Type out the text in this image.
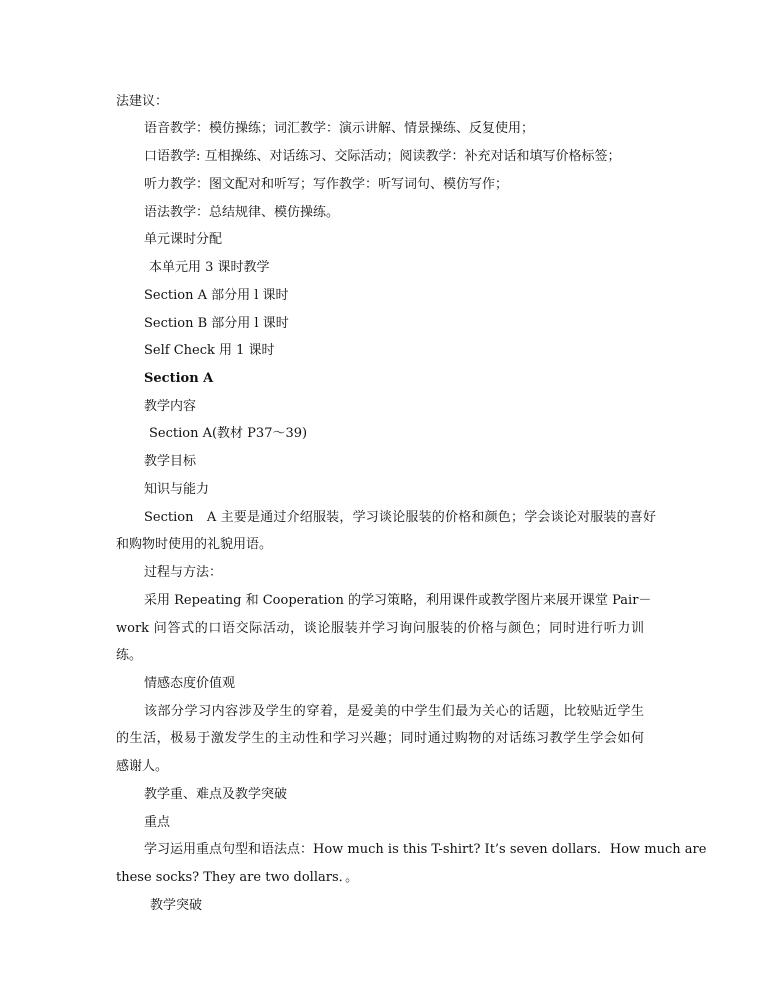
法建议：
语音教学：模仿操练；词汇教学：演示讲解、情景操练、反复使用；
口语教学: 互相操练、对话练习、交际活动；阅读教学：补充对话和填写价格标签；
听力教学：图文配对和听写；写作教学：听写词句、模仿写作；
语法教学：总结规律、模仿操练。
单元课时分配
本单元用 3 课时教学
Section A 部分用 l 课时
Section B 部分用 l 课时
Self Check 用 1 课时
Section A
教学内容
Section A(教材 P37～39)
教学目标
知识与能力
Section　A 主要是通过介绍服装，学习谈论服装的价格和颜色；学会谈论对服装的喜好
和购物时使用的礼貌用语。
过程与方法：
采用 Repeating 和 Cooperation 的学习策略，利用课件或教学图片来展开课堂 Pair－
work 问答式的口语交际活动，谈论服装并学习询问服装的价格与颜色；同时进行听力训
练。
情感态度价值观
该部分学习内容涉及学生的穿着，是爱美的中学生们最为关心的话题，比较贴近学生
的生活，极易于激发学生的主动性和学习兴趣；同时通过购物的对话练习教学生学会如何
感谢人。
教学重、难点及教学突破
重点
学习运用重点句型和语法点：How much is this T-shirt? It’s seven dollars．How much are
these socks? They are two dollars．。
教学突破
